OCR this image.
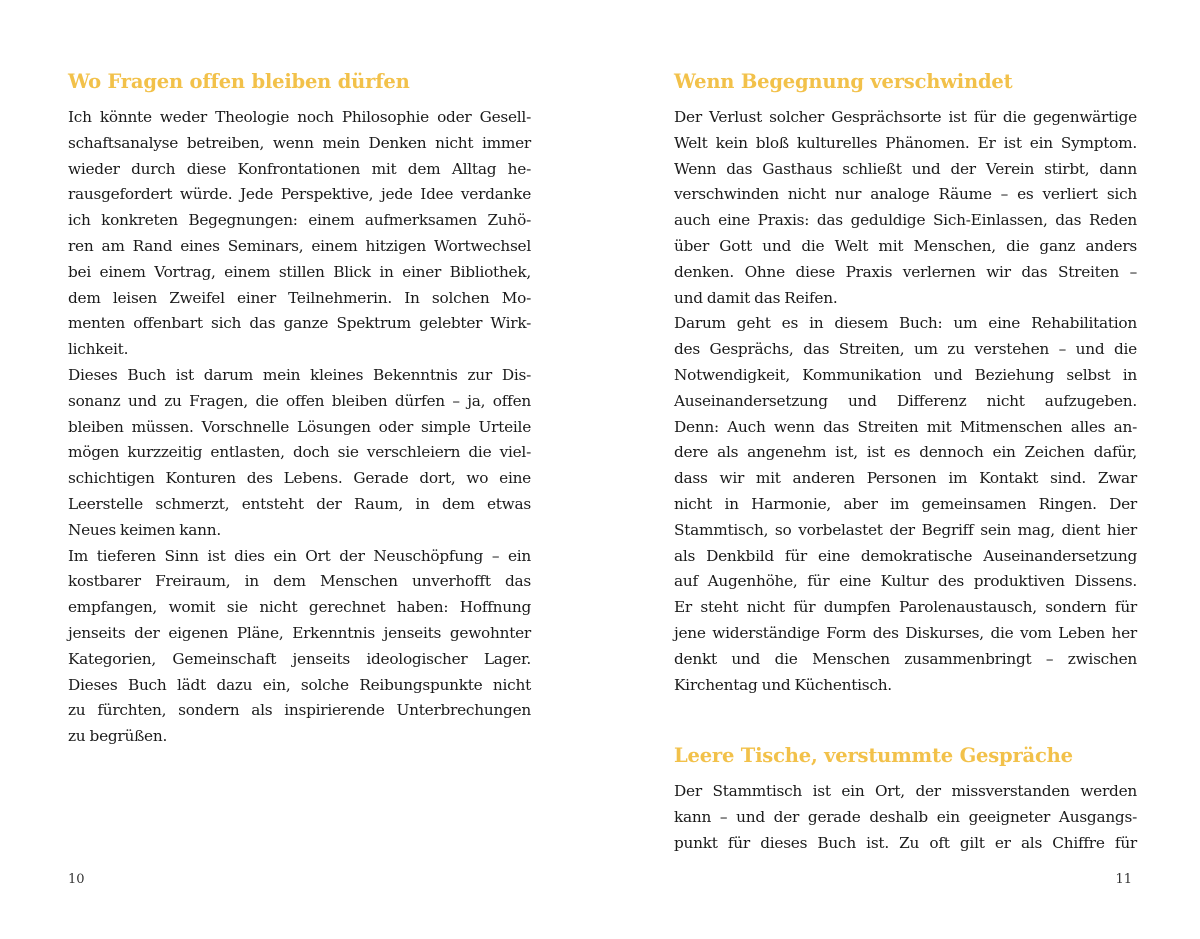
Wo Fragen offen bleiben dürfen

Ich könnte weder Theologie noch Philosophie oder Gesell-
schaftsanalyse betreiben, wenn mein Denken nicht immer
wieder durch diese Konfrontationen mit dem Alltag he-
rausgefordert würde. Jede Perspektive, jede Idee verdanke
ich konkreten Begegnungen: einem aufmerksamen Zuhö-
ren am Rand eines Seminars, einem hitzigen Wortwechsel
bei einem Vortrag, einem stillen Blick in einer Bibliothek,
dem leisen Zweifel einer Teilnehmerin. In solchen Mo-
menten offenbart sich das ganze Spektrum gelebter Wirk-
lichkeit.

Dieses Buch ist darum mein kleines Bekenntnis zur Dis-
sonanz und zu Fragen, die offen bleiben dürfen – ja, offen
bleiben müssen. Vorschnelle Lösungen oder simple Urteile
mögen kurzzeitig entlasten, doch sie verschleiern die viel-
schichtigen Konturen des Lebens. Gerade dort, wo eine
Leerstelle schmerzt, entsteht der Raum, in dem etwas
Neues keimen kann.

Im tieferen Sinn ist dies ein Ort der Neuschöpfung – ein
kostbarer Freiraum, in dem Menschen unverhofft das
empfangen, womit sie nicht gerechnet haben: Hoffnung
jenseits der eigenen Pläne, Erkenntnis jenseits gewohnter
Kategorien, Gemeinschaft jenseits ideologischer Lager.
Dieses Buch lädt dazu ein, solche Reibungspunkte nicht
zu fürchten, sondern als inspirierende Unterbrechungen
zu begrüßen.

10
Wenn Begegnung verschwindet

Der Verlust solcher Gesprächsorte ist für die gegenwärtige
Welt kein bloß kulturelles Phänomen. Er ist ein Symptom.
Wenn das Gasthaus schließt und der Verein stirbt, dann
verschwinden nicht nur analoge Räume – es verliert sich
auch eine Praxis: das geduldige Sich-Einlassen, das Reden
über Gott und die Welt mit Menschen, die ganz anders
denken. Ohne diese Praxis verlernen wir das Streiten –
und damit das Reifen.

Darum geht es in diesem Buch: um eine Rehabilitation
des Gesprächs, das Streiten, um zu verstehen – und die
Notwendigkeit, Kommunikation und Beziehung selbst in
Auseinandersetzung und Differenz nicht aufzugeben.
Denn: Auch wenn das Streiten mit Mitmenschen alles an-
dere als angenehm ist, ist es dennoch ein Zeichen dafür,
dass wir mit anderen Personen im Kontakt sind. Zwar
nicht in Harmonie, aber im gemeinsamen Ringen. Der
Stammtisch, so vorbelastet der Begriff sein mag, dient hier
als Denkbild für eine demokratische Auseinandersetzung
auf Augenhöhe, für eine Kultur des produktiven Dissens.
Er steht nicht für dumpfen Parolenaustausch, sondern für
jene widerständige Form des Diskurses, die vom Leben her
denkt und die Menschen zusammenbringt – zwischen
Kirchentag und Küchentisch.

Leere Tische, verstummte Gespräche

Der Stammtisch ist ein Ort, der missverstanden werden
kann – und der gerade deshalb ein geeigneter Ausgangs-
punkt für dieses Buch ist. Zu oft gilt er als Chiffre für

11
